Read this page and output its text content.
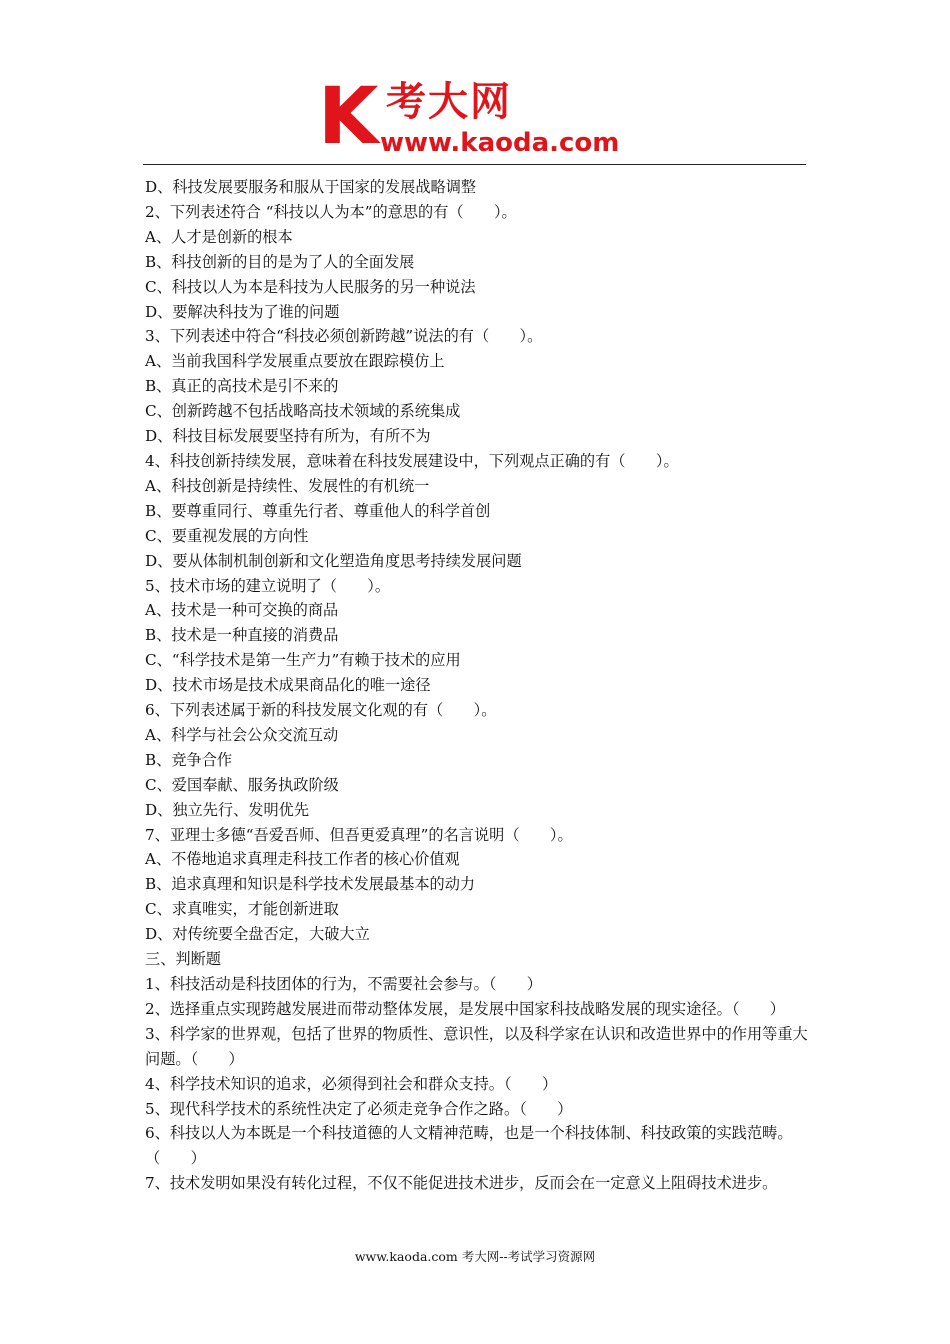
K 考大网
www.kaoda.com
D、科技发展要服务和服从于国家的发展战略调整
2、下列表述符合 “科技以人为本”的意思的有（　　）。
A、人才是创新的根本
B、科技创新的目的是为了人的全面发展
C、科技以人为本是科技为人民服务的另一种说法
D、要解决科技为了谁的问题
3、下列表述中符合“科技必须创新跨越”说法的有（　　）。
A、当前我国科学发展重点要放在跟踪模仿上
B、真正的高技术是引不来的
C、创新跨越不包括战略高技术领域的系统集成
D、科技目标发展要坚持有所为，有所不为
4、科技创新持续发展，意味着在科技发展建设中，下列观点正确的有（　　）。
A、科技创新是持续性、发展性的有机统一
B、要尊重同行、尊重先行者、尊重他人的科学首创
C、要重视发展的方向性
D、要从体制机制创新和文化塑造角度思考持续发展问题
5、技术市场的建立说明了（　　）。
A、技术是一种可交换的商品
B、技术是一种直接的消费品
C、“科学技术是第一生产力”有赖于技术的应用
D、技术市场是技术成果商品化的唯一途径
6、下列表述属于新的科技发展文化观的有（　　）。
A、科学与社会公众交流互动
B、竞争合作
C、爱国奉献、服务执政阶级
D、独立先行、发明优先
7、亚理士多德“吾爱吾师、但吾更爱真理”的名言说明（　　）。
A、不倦地追求真理走科技工作者的核心价值观
B、追求真理和知识是科学技术发展最基本的动力
C、求真唯实，才能创新进取
D、对传统要全盘否定，大破大立
三、判断题
1、科技活动是科技团体的行为，不需要社会参与。（　　）
2、选择重点实现跨越发展进而带动整体发展，是发展中国家科技战略发展的现实途径。（　　）
3、科学家的世界观，包括了世界的物质性、意识性，以及科学家在认识和改造世界中的作用等重大问题。（　　）
4、科学技术知识的追求，必须得到社会和群众支持。（　　）
5、现代科学技术的系统性决定了必须走竞争合作之路。（　　）
6、科技以人为本既是一个科技道德的人文精神范畴，也是一个科技体制、科技政策的实践范畴。（　　）
7、技术发明如果没有转化过程，不仅不能促进技术进步，反而会在一定意义上阻碍技术进步。
www.kaoda.com 考大网--考试学习资源网
